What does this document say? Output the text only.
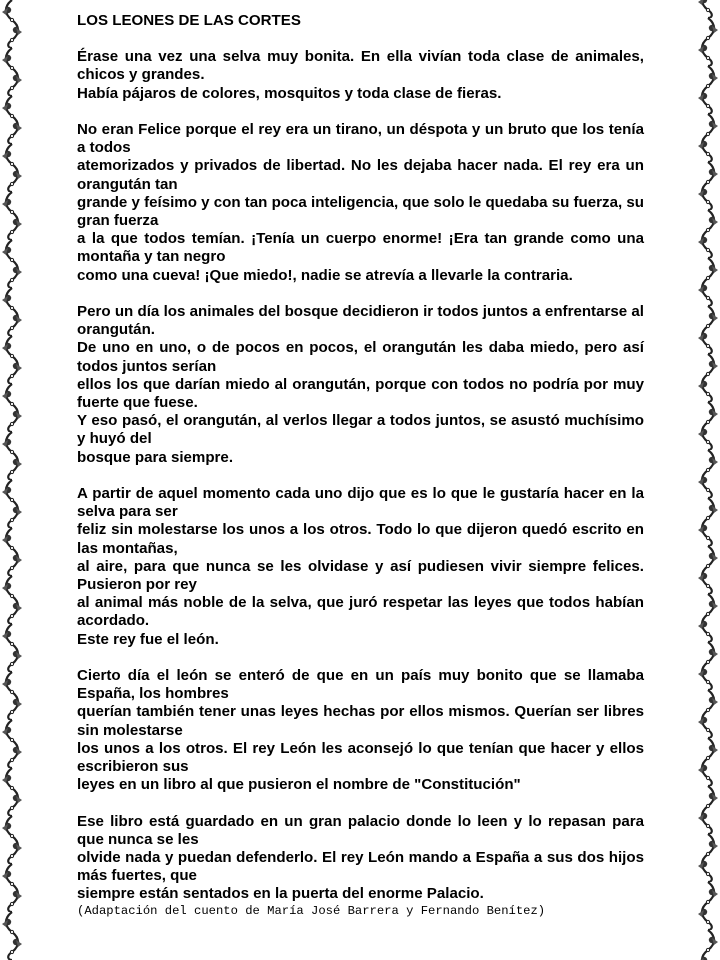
LOS LEONES DE LAS CORTES
Érase una vez una selva muy bonita. En ella vivían toda clase de animales, chicos y grandes.
Había pájaros de colores, mosquitos y toda clase de fieras.
No eran Felice porque el rey era un tirano, un déspota y un bruto que los tenía a todos
atemorizados y privados de libertad. No les dejaba hacer nada. El rey era un orangután tan
grande y feísimo y con tan poca inteligencia, que solo le quedaba su fuerza, su gran fuerza
a la que todos temían. ¡Tenía un cuerpo enorme! ¡Era tan grande como una montaña y tan negro
como una cueva! ¡Que miedo!, nadie se atrevía a llevarle la contraria.
Pero un día los animales del bosque decidieron ir todos juntos a enfrentarse al orangután.
De uno en uno, o de pocos en pocos, el orangután les daba miedo, pero así todos juntos serían
ellos los que darían miedo al orangután, porque con todos no podría por muy fuerte que fuese.
Y eso pasó, el orangután, al verlos llegar a todos juntos, se asustó muchísimo y huyó del
bosque para siempre.
A partir de aquel momento cada uno dijo que es lo que le gustaría hacer en la selva para ser
feliz sin molestarse los unos a los otros. Todo lo que dijeron quedó escrito en las montañas,
al aire, para que nunca se les olvidase y así pudiesen vivir siempre felices. Pusieron por rey
al animal más noble de la selva, que juró respetar las leyes que todos habían acordado.
Este rey fue el león.
Cierto día el león se enteró de que en un país muy bonito que se llamaba España, los hombres
querían también tener unas leyes hechas por ellos mismos. Querían ser libres sin molestarse
los unos a los otros. El rey León les aconsejó lo que tenían que hacer y ellos escribieron sus
leyes en un libro al que pusieron el nombre de "Constitución"
Ese libro está guardado en un gran palacio donde lo leen y lo repasan para que nunca se les
olvide nada y puedan defenderlo. El rey León mando a España a sus dos hijos más fuertes, que
siempre están sentados en la puerta del enorme Palacio.
(Adaptación del cuento de María José Barrera y Fernando Benítez)
